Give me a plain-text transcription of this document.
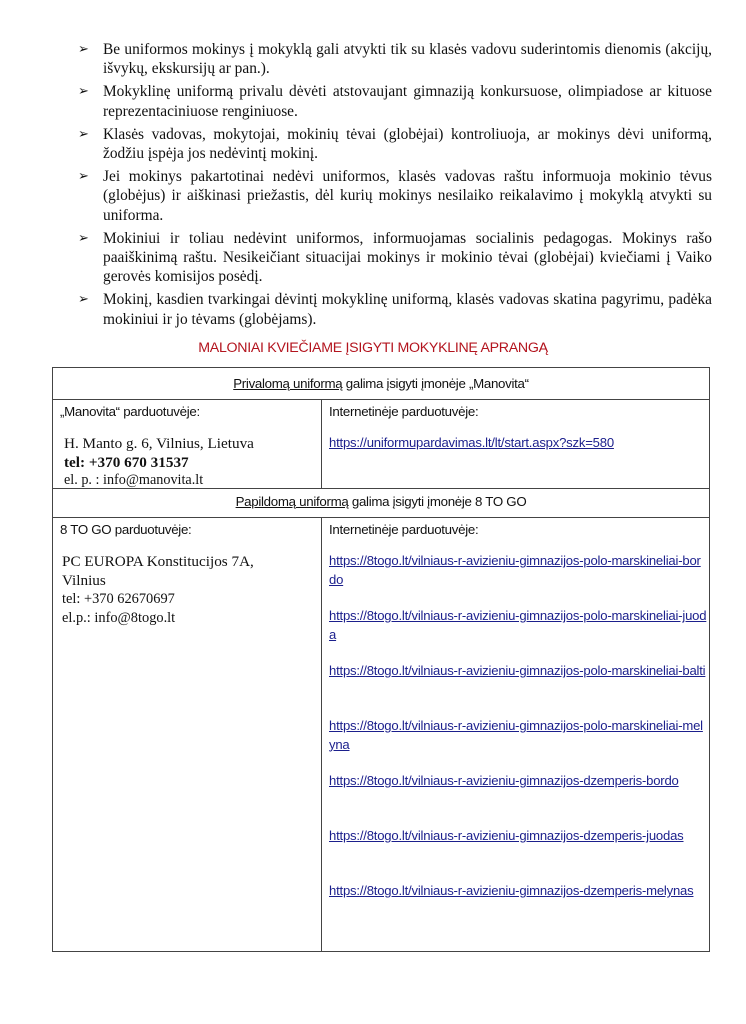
➢ Be uniformos mokinys į mokyklą gali atvykti tik su klasės vadovu suderintomis dienomis (akcijų, išvykų, ekskursijų ar pan.).
➢ Mokyklinę uniformą privalu dėvėti atstovaujant gimnaziją konkursuose, olimpiadose ar kituose reprezentaciniuose renginiuose.
➢ Klasės vadovas, mokytojai, mokinių tėvai (globėjai) kontroliuoja, ar mokinys dėvi uniformą, žodžiu įspėja jos nedėvintį mokinį.
➢ Jei mokinys pakartotinai nedėvi uniformos, klasės vadovas raštu informuoja mokinio tėvus (globėjus) ir aiškinasi priežastis, dėl kurių mokinys nesilaiko reikalavimo į mokyklą atvykti su uniforma.
➢ Mokiniui ir toliau nedėvint uniformos, informuojamas socialinis pedagogas. Mokinys rašo paaiškinimą raštu. Nesikeičiant situacijai mokinys ir mokinio tėvai (globėjai) kviečiami į Vaiko gerovės komisijos posėdį.
➢ Mokinį, kasdien tvarkingai dėvintį mokyklinę uniformą, klasės vadovas skatina pagyrimu, padėka mokiniui ir jo tėvams (globėjams).
MALONIAI KVIEČIAME ĮSIGYTI MOKYKLINĘ APRANGĄ
Privalomą uniformą galima įsigyti įmonėje „Manovita“
„Manovita“ parduotuvėje:	Internetinėje parduotuvėje:
H. Manto g. 6, Vilnius, Lietuva
tel: +370 670 31537
el. p. : info@manovita.lt
https://uniformupardavimas.lt/lt/start.aspx?szk=580
Papildomą uniformą galima įsigyti įmonėje 8 TO GO
8 TO GO parduotuvėje:	Internetinėje parduotuvėje:
PC EUROPA Konstitucijos 7A,
Vilnius
tel: +370 62670697
el.p.: info@8togo.lt
https://8togo.lt/vilniaus-r-avizieniu-gimnazijos-polo-marskineliai-bordo
https://8togo.lt/vilniaus-r-avizieniu-gimnazijos-polo-marskineliai-juoda
https://8togo.lt/vilniaus-r-avizieniu-gimnazijos-polo-marskineliai-balti
https://8togo.lt/vilniaus-r-avizieniu-gimnazijos-polo-marskineliai-melyna
https://8togo.lt/vilniaus-r-avizieniu-gimnazijos-dzemperis-bordo
https://8togo.lt/vilniaus-r-avizieniu-gimnazijos-dzemperis-juodas
https://8togo.lt/vilniaus-r-avizieniu-gimnazijos-dzemperis-melynas
